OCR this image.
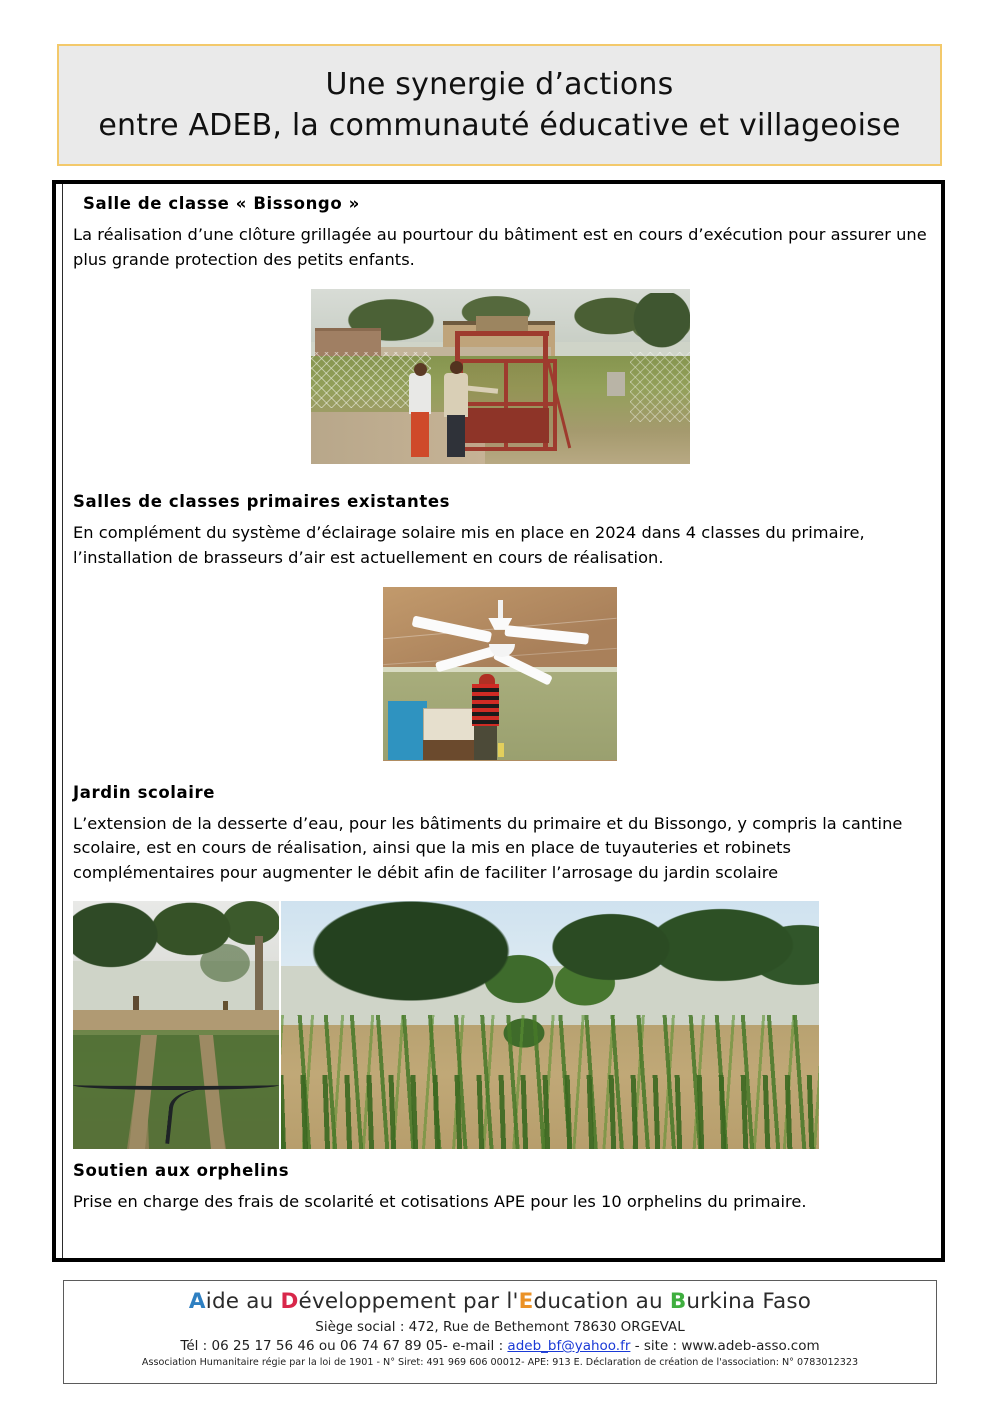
Une synergie d’actions
entre ADEB, la communauté éducative et villageoise
Salle de classe « Bissongo »
La réalisation d’une clôture grillagée au pourtour du bâtiment est en cours d’exécution pour assurer une plus grande protection des petits enfants.
Salles de classes primaires existantes
En complément du système d’éclairage solaire mis en place en 2024 dans 4 classes du primaire, l’installation de brasseurs d’air est actuellement en cours de réalisation.
Jardin scolaire
L’extension de la desserte d’eau, pour les bâtiments du primaire et du Bissongo, y compris la cantine scolaire, est en cours de réalisation, ainsi que la mis en place de tuyauteries et robinets complémentaires pour augmenter le débit afin de faciliter l’arrosage du jardin scolaire
Soutien aux orphelins
Prise en charge des frais de scolarité et cotisations APE pour les 10 orphelins du primaire.
Aide au Développement par l'Education au Burkina Faso
Siège social : 472, Rue de Bethemont 78630 ORGEVAL
Tél : 06 25 17 56 46 ou 06 74 67 89 05- e-mail : adeb_bf@yahoo.fr - site : www.adeb-asso.com
Association Humanitaire régie par la loi de 1901 - N° Siret: 491 969 606 00012- APE: 913 E. Déclaration de création de l'association: N° 0783012323
